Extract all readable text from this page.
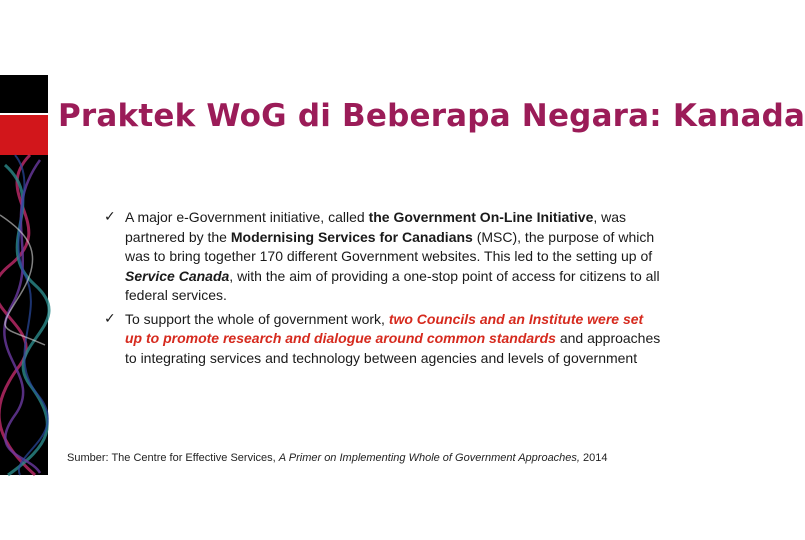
Praktek WoG di Beberapa Negara: Kanada
✓ A major e-Government initiative, called the Government On-Line Initiative, was partnered by the Modernising Services for Canadians (MSC), the purpose of which was to bring together 170 different Government websites. This led to the setting up of Service Canada, with the aim of providing a one-stop point of access for citizens to all federal services.
✓ To support the whole of government work, two Councils and an Institute were set up to promote research and dialogue around common standards and approaches to integrating services and technology between agencies and levels of government
Sumber: The Centre for Effective Services, A Primer on Implementing Whole of Government Approaches, 2014
